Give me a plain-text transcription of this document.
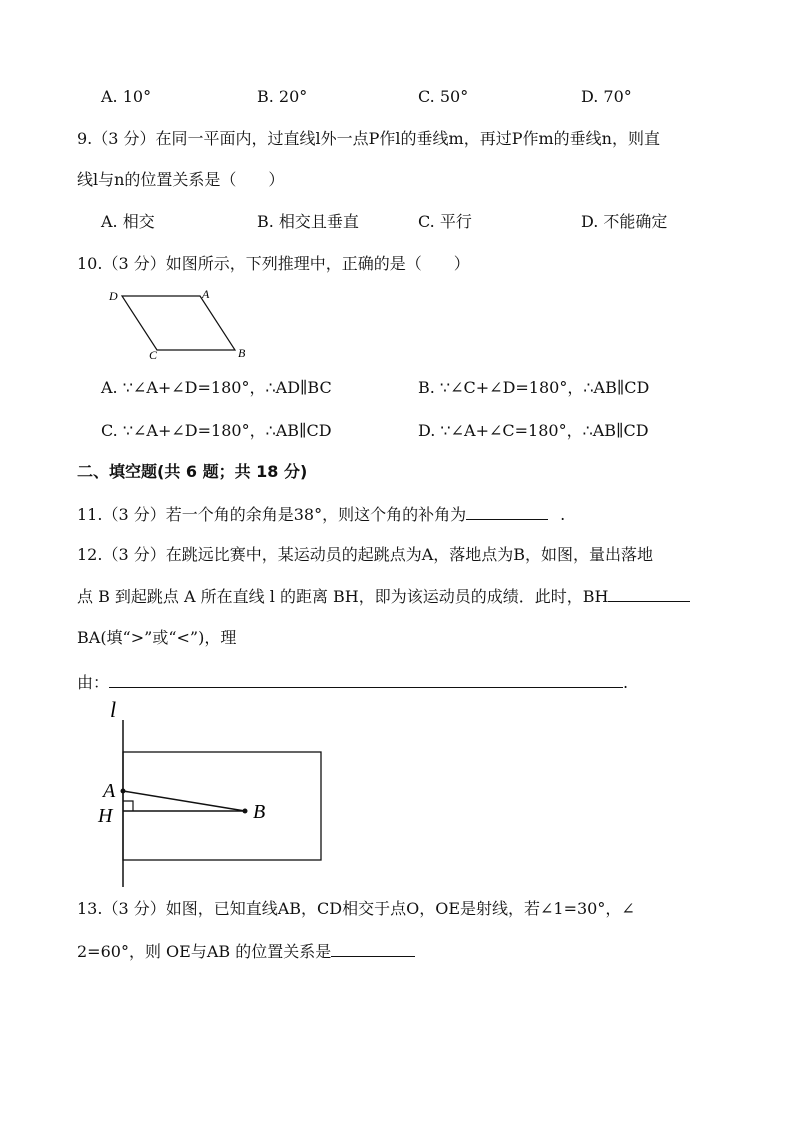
A. 10°	B. 20°	C. 50°	D. 70°
9.（3 分）在同一平面内，过直线l外一点P作l的垂线m，再过P作m的垂线n，则直
线l与n的位置关系是（　　）
A. 相交	B. 相交且垂直	C. 平行	D. 不能确定
10.（3 分）如图所示，下列推理中，正确的是（　　）
D	A
C	B
A. ∵∠A+∠D=180°，∴AD∥BC	B. ∵∠C+∠D=180°，∴AB∥CD
C. ∵∠A+∠D=180°，∴AB∥CD	D. ∵∠A+∠C=180°，∴AB∥CD
二、填空题(共 6 题；共 18 分)
11.（3 分）若一个角的余角是38°，则这个角的补角为	.
12.（3 分）在跳远比赛中，某运动员的起跳点为A，落地点为B，如图，量出落地
点 B 到起跳点 A 所在直线 l 的距离 BH，即为该运动员的成绩．此时，BH
BA(填“>”或“<”)，理
由：	.
l
A
H	B
13.（3 分）如图，已知直线AB，CD相交于点O，OE是射线，若∠1=30°，∠
2=60°，则 OE与AB 的位置关系是
